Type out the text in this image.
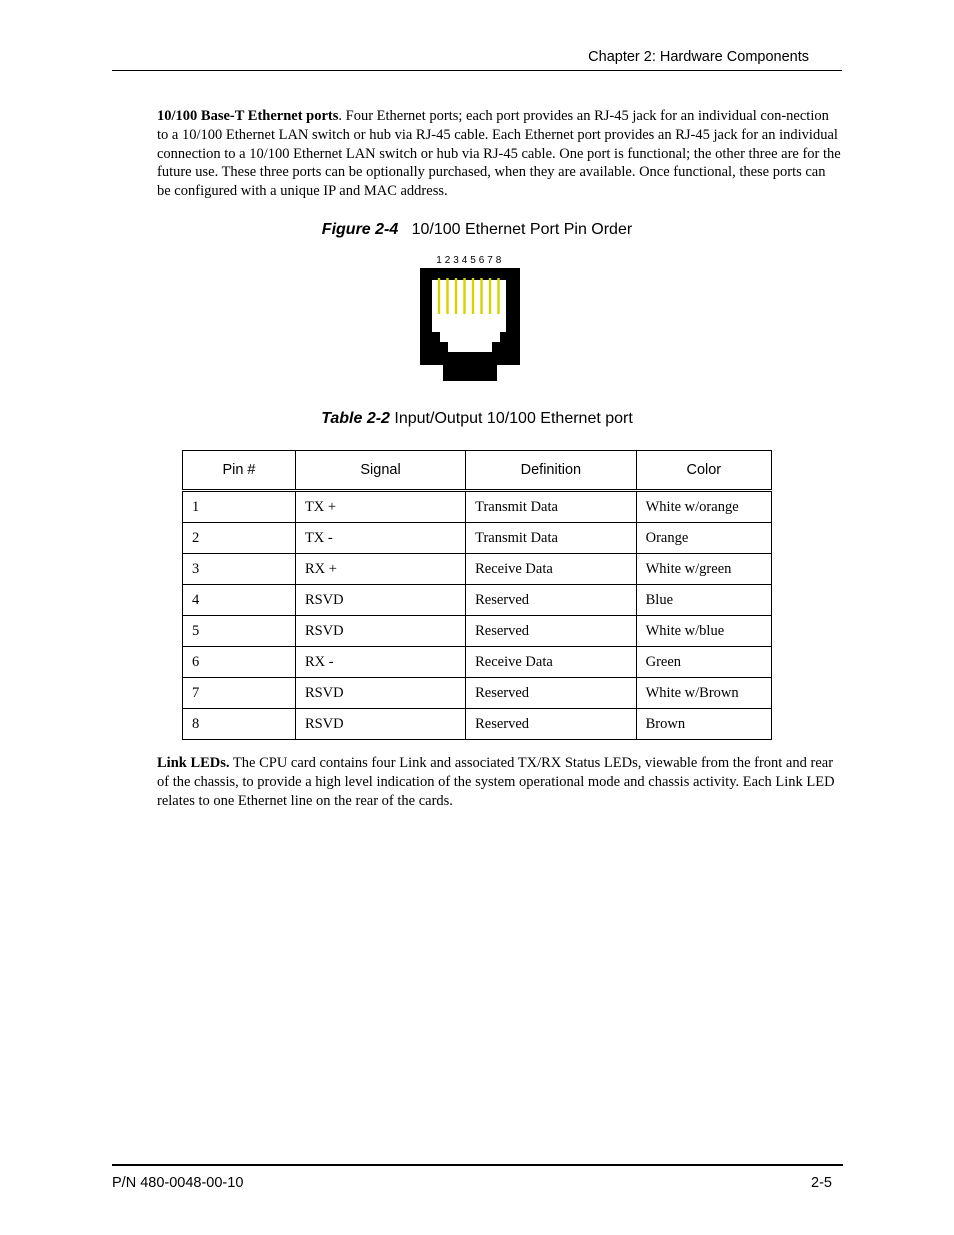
Chapter 2: Hardware Components

10/100 Base-T Ethernet ports. Four Ethernet ports; each port provides an RJ-45 jack for an individual con-nection to a 10/100 Ethernet LAN switch or hub via RJ-45 cable. Each Ethernet port provides an RJ-45 jack for an individual connection to a 10/100 Ethernet LAN switch or hub via RJ-45 cable. One port is functional; the other three are for the future use. These three ports can be optionally purchased, when they are available. Once functional, these ports can be configured with a unique IP and MAC address.

Figure 2-4 10/100 Ethernet Port Pin Order
1 2 3 4 5 6 7 8
Table 2-2 Input/Output 10/100 Ethernet port
Pin #	Signal	Definition	Color
1	TX +	Transmit Data	White w/orange
2	TX -	Transmit Data	Orange
3	RX +	Receive Data	White w/green
4	RSVD	Reserved	Blue
5	RSVD	Reserved	White w/blue
6	RX -	Receive Data	Green
7	RSVD	Reserved	White w/Brown
8	RSVD	Reserved	Brown

Link LEDs. The CPU card contains four Link and associated TX/RX Status LEDs, viewable from the front and rear of the chassis, to provide a high level indication of the system operational mode and chassis activity. Each Link LED relates to one Ethernet line on the rear of the cards.

P/N 480-0048-00-10	2-5
